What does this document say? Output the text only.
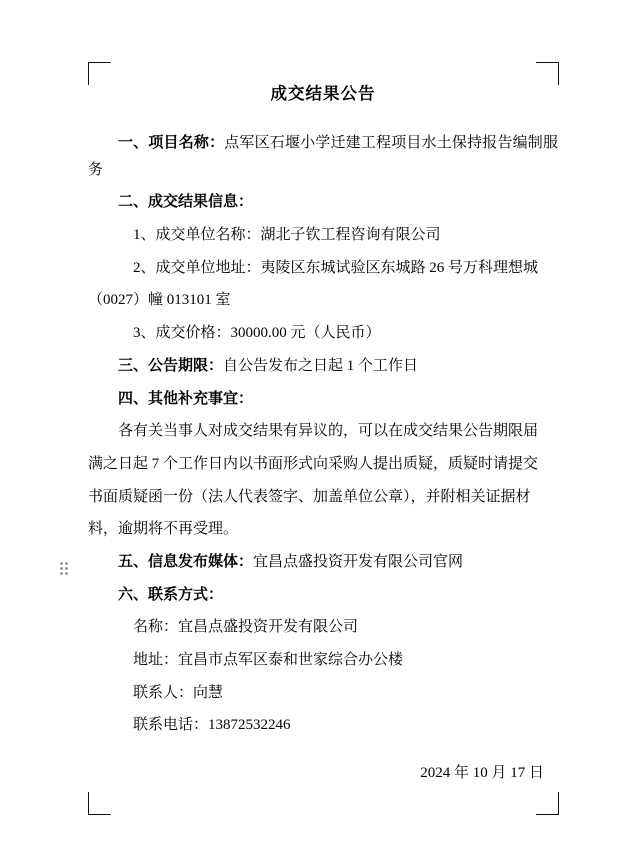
成交结果公告

一、项目名称：点军区石堰小学迁建工程项目水土保持报告编制服务

二、成交结果信息：

1、成交单位名称：湖北子钦工程咨询有限公司

2、成交单位地址：夷陵区东城试验区东城路 26 号万科理想城

（0027）幢 013101 室

3、成交价格：30000.00 元（人民币）

三、公告期限：自公告发布之日起 1 个工作日

四、其他补充事宜：

各有关当事人对成交结果有异议的，可以在成交结果公告期限届

满之日起 7 个工作日内以书面形式向采购人提出质疑，质疑时请提交

书面质疑函一份（法人代表签字、加盖单位公章），并附相关证据材

料，逾期将不再受理。

五、信息发布媒体：宜昌点盛投资开发有限公司官网

六、联系方式：

名称：宜昌点盛投资开发有限公司

地址：宜昌市点军区泰和世家综合办公楼

联系人：向慧

联系电话：13872532246

2024 年 10 月 17 日
